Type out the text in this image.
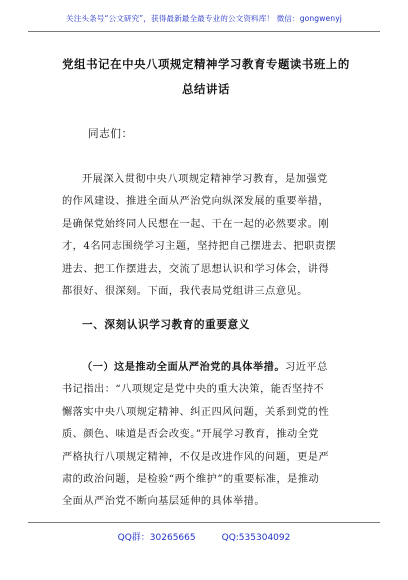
关注头条号“公文研究”，获得最新最全最专业的公文资料库！ 微信：gongwenyj
党组书记在中央八项规定精神学习教育专题读书班上的总结讲话
同志们：
开展深入贯彻中央八项规定精神学习教育，是加强党
的作风建设、推进全面从严治党向纵深发展的重要举措，
是确保党始终同人民想在一起、干在一起的必然要求。刚
才，4名同志围绕学习主题，坚持把自己摆进去、把职责摆
进去、把工作摆进去，交流了思想认识和学习体会，讲得
都很好、很深刻。下面，我代表局党组讲三点意见。
一、深刻认识学习教育的重要意义
（一）这是推动全面从严治党的具体举措。习近平总
书记指出：“八项规定是党中央的重大决策，能否坚持不
懈落实中央八项规定精神、纠正四风问题，关系到党的性
质、颜色、味道是否会改变。”开展学习教育，推动全党
严格执行八项规定精神，不仅是改进作风的问题，更是严
肃的政治问题，是检验“两个维护”的重要标准，是推动
全面从严治党不断向基层延伸的具体举措。
QQ群：30265665	QQ:535304092
